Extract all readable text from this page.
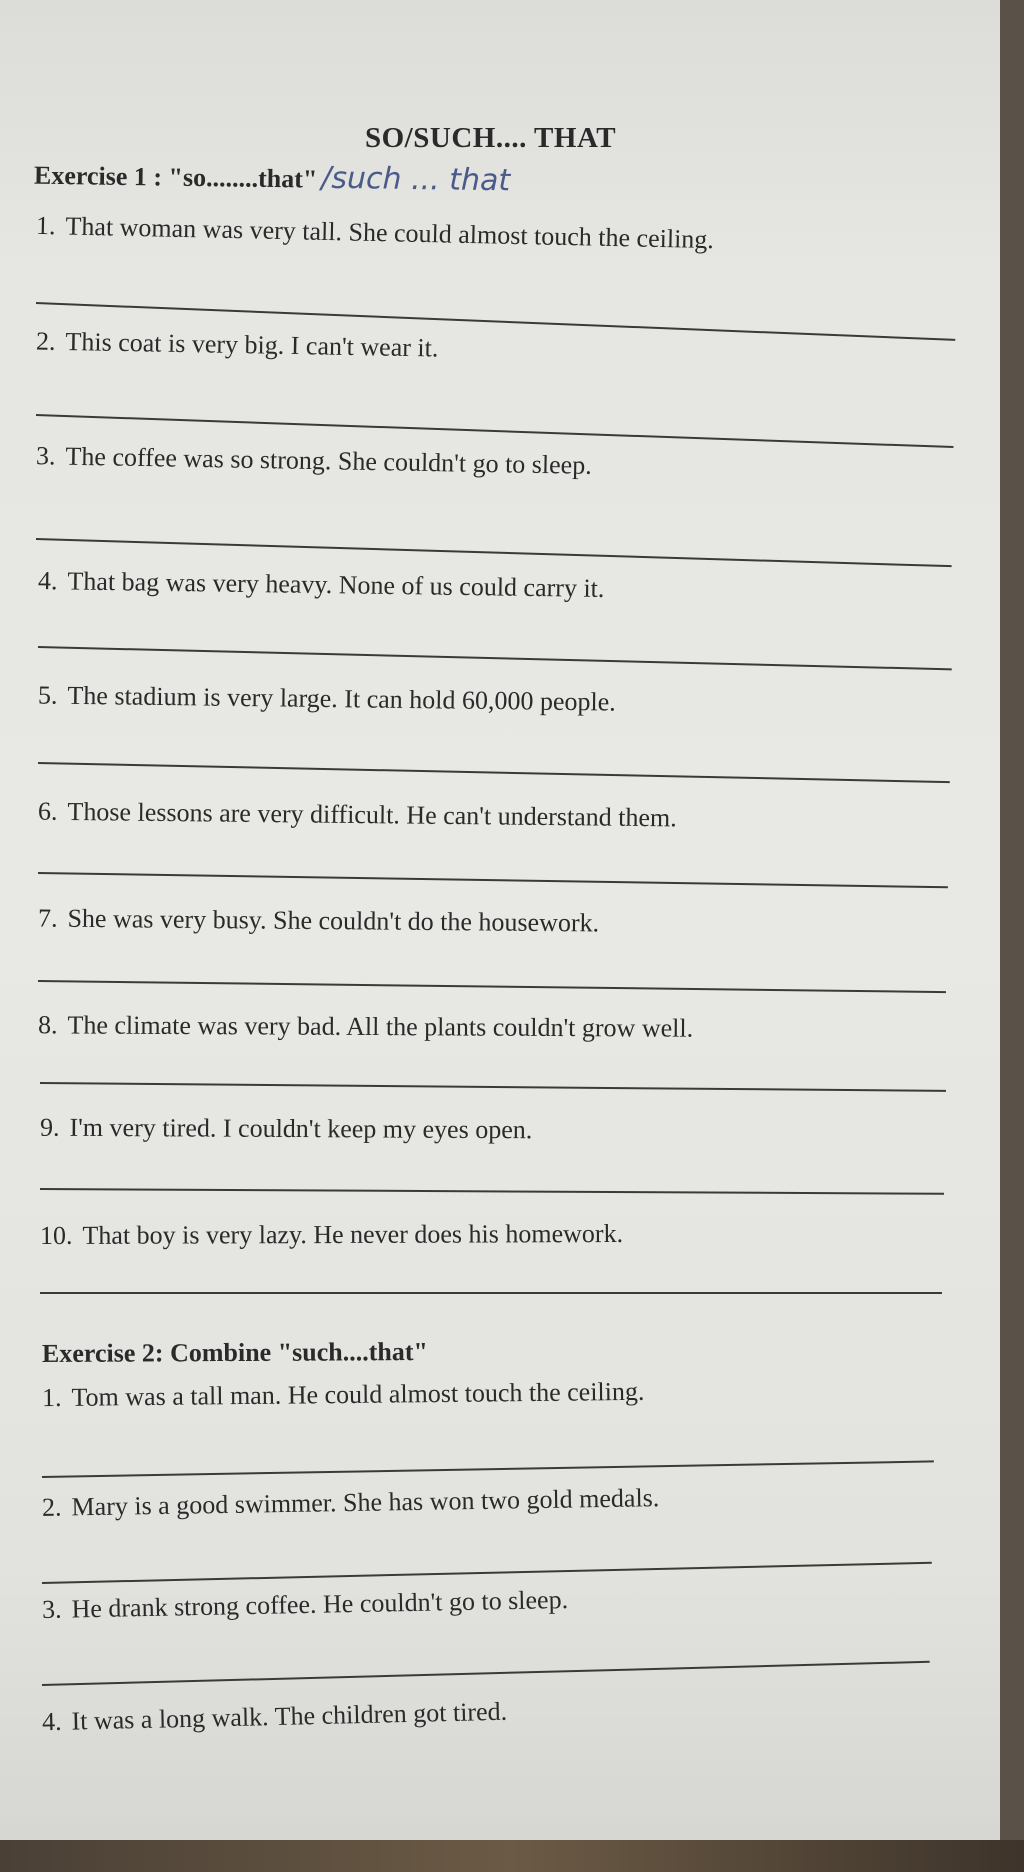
SO/SUCH.... THAT
Exercise 1 : "so........that" /such ... that
1. That woman was very tall. She could almost touch the ceiling.
2. This coat is very big. I can't wear it.
3. The coffee was so strong. She couldn't go to sleep.
4. That bag was very heavy. None of us could carry it.
5. The stadium is very large. It can hold 60,000 people.
6. Those lessons are very difficult. He can't understand them.
7. She was very busy. She couldn't do the housework.
8. The climate was very bad. All the plants couldn't grow well.
9. I'm very tired. I couldn't keep my eyes open.
10. That boy is very lazy. He never does his homework.
Exercise 2: Combine "such....that"
1. Tom was a tall man. He could almost touch the ceiling.
2. Mary is a good swimmer. She has won two gold medals.
3. He drank strong coffee. He couldn't go to sleep.
4. It was a long walk. The children got tired.
